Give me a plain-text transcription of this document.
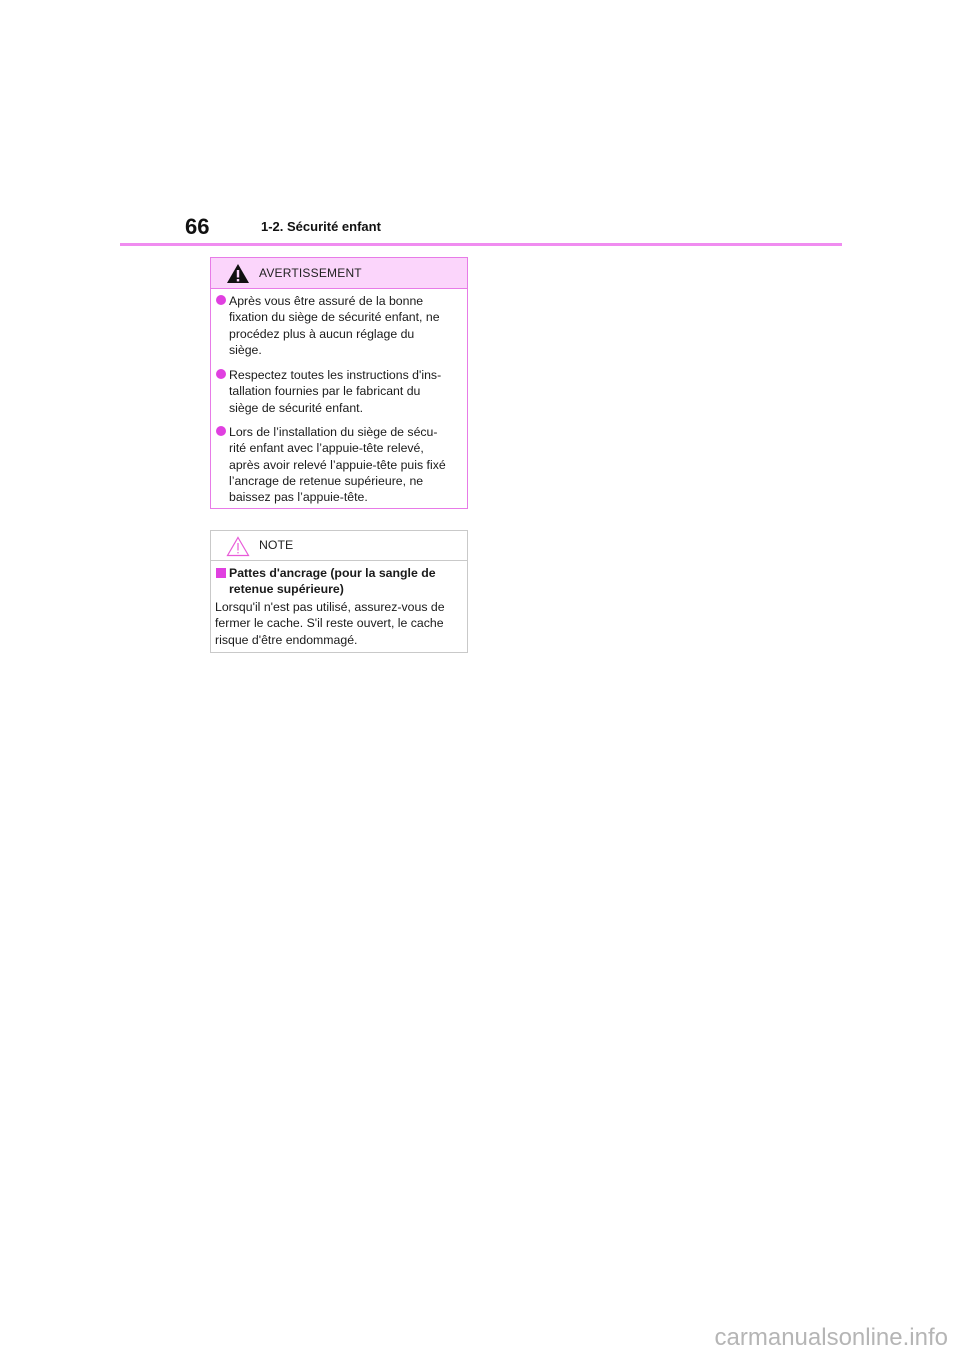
66	1-2. Sécurité enfant
AVERTISSEMENT
Après vous être assuré de la bonne
fixation du siège de sécurité enfant, ne
procédez plus à aucun réglage du
siège.
Respectez toutes les instructions d'ins-
tallation fournies par le fabricant du
siège de sécurité enfant.
Lors de l’installation du siège de sécu-
rité enfant avec l’appuie-tête relevé,
après avoir relevé l’appuie-tête puis fixé
l’ancrage de retenue supérieure, ne
baissez pas l’appuie-tête.
NOTE
Pattes d'ancrage (pour la sangle de
retenue supérieure)
Lorsqu'il n'est pas utilisé, assurez-vous de
fermer le cache. S'il reste ouvert, le cache
risque d'être endommagé.
carmanualsonline.info
